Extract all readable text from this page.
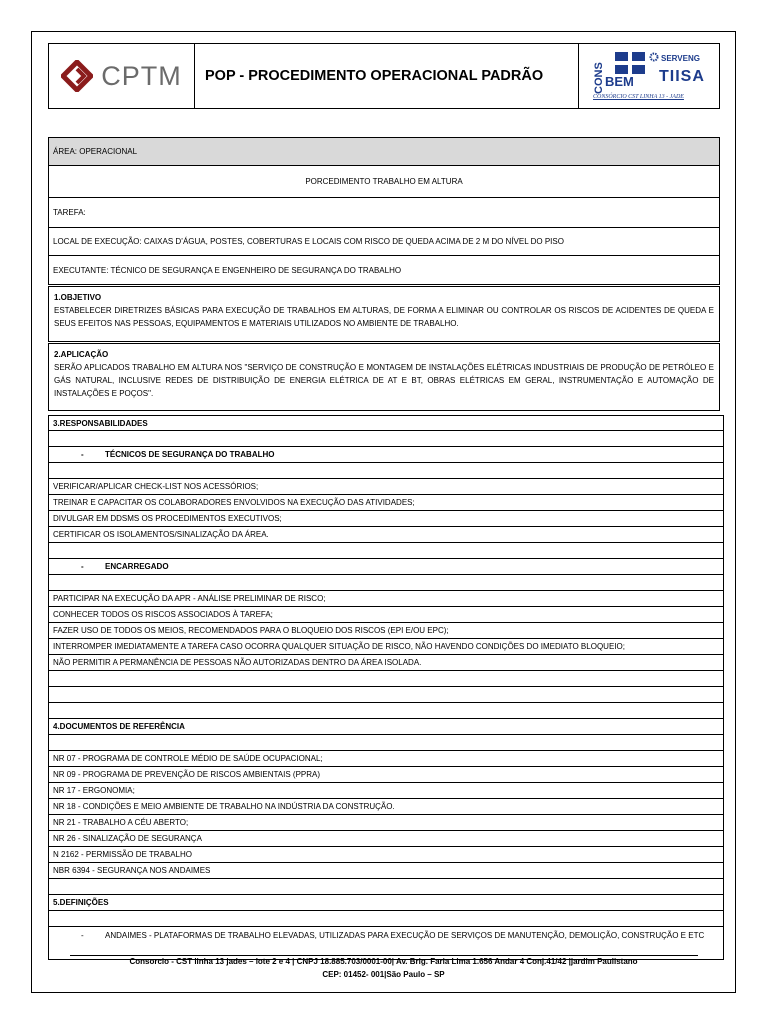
CPTM	POP - PROCEDIMENTO OPERACIONAL PADRÃO	CONS BEM
SERVENG
TIISA
CONSÓRCIO CST LINHA 13 - JADE
ÁREA: OPERACIONAL
PORCEDIMENTO TRABALHO EM ALTURA
TAREFA:
LOCAL DE EXECUÇÃO: CAIXAS D’ÁGUA, POSTES, COBERTURAS E LOCAIS COM RISCO DE QUEDA ACIMA DE 2 M DO NÍVEL DO PISO
EXECUTANTE: TÉCNICO DE SEGURANÇA E ENGENHEIRO DE SEGURANÇA DO TRABALHO
1.OBJETIVO
ESTABELECER DIRETRIZES BÁSICAS PARA EXECUÇÃO DE TRABALHOS EM ALTURAS, DE FORMA A ELIMINAR OU CONTROLAR OS RISCOS DE ACIDENTES DE QUEDA E SEUS EFEITOS NAS PESSOAS, EQUIPAMENTOS E MATERIAIS UTILIZADOS NO AMBIENTE DE TRABALHO.
2.APLICAÇÃO
SERÃO APLICADOS TRABALHO EM ALTURA NOS "SERVIÇO DE CONSTRUÇÃO E MONTAGEM DE INSTALAÇÕES ELÉTRICAS INDUSTRIAIS DE PRODUÇÃO DE PETRÓLEO E GÁS NATURAL, INCLUSIVE REDES DE DISTRIBUIÇÃO DE ENERGIA ELÉTRICA DE AT E BT, OBRAS ELÉTRICAS EM GERAL, INSTRUMENTAÇÃO E AUTOMAÇÃO DE INSTALAÇÕES E POÇOS".
3.RESPONSABILIDADES
-	TÉCNICOS DE SEGURANÇA DO TRABALHO
VERIFICAR/APLICAR CHECK-LIST NOS ACESSÓRIOS;
TREINAR E CAPACITAR OS COLABORADORES ENVOLVIDOS NA EXECUÇÃO DAS ATIVIDADES;
DIVULGAR EM DDSMS OS PROCEDIMENTOS EXECUTIVOS;
CERTIFICAR OS ISOLAMENTOS/SINALIZAÇÃO DA ÁREA.
-	ENCARREGADO
PARTICIPAR NA EXECUÇÃO DA APR - ANÁLISE PRELIMINAR DE RISCO;
CONHECER TODOS OS RISCOS ASSOCIADOS À TAREFA;
FAZER USO DE TODOS OS MEIOS, RECOMENDADOS PARA O BLOQUEIO DOS RISCOS (EPI E/OU EPC);
INTERROMPER IMEDIATAMENTE A TAREFA CASO OCORRA QUALQUER SITUAÇÃO DE RISCO, NÃO HAVENDO CONDIÇÕES DO IMEDIATO BLOQUEIO;
NÃO PERMITIR A PERMANÊNCIA DE PESSOAS NÃO AUTORIZADAS DENTRO DA ÁREA ISOLADA.
4.DOCUMENTOS DE REFERÊNCIA
NR 07 - PROGRAMA DE CONTROLE MÉDIO DE SAÚDE OCUPACIONAL;
NR 09 - PROGRAMA DE PREVENÇÃO DE RISCOS AMBIENTAIS (PPRA)
NR 17 - ERGONOMIA;
NR 18 - CONDIÇÕES E MEIO AMBIENTE DE TRABALHO NA INDÚSTRIA DA CONSTRUÇÃO.
NR 21 - TRABALHO A CÉU ABERTO;
NR 26 - SINALIZAÇÃO DE SEGURANÇA
N 2162 - PERMISSÃO DE TRABALHO
NBR 6394 - SEGURANÇA NOS ANDAIMES
5.DEFINIÇÕES
-	ANDAIMES - PLATAFORMAS DE TRABALHO ELEVADAS, UTILIZADAS PARA EXECUÇÃO DE SERVIÇOS DE MANUTENÇÃO, DEMOLIÇÃO, CONSTRUÇÃO E ETC
Consorcio - CST linha 13 jades – lote 2 e 4 | CNPJ 18.885.703/0001-00| Av. Brig. Faria Lima 1.656 Andar 4 Conj.41/42 |jardim Paulistano
CEP: 01452- 001|São Paulo – SP
